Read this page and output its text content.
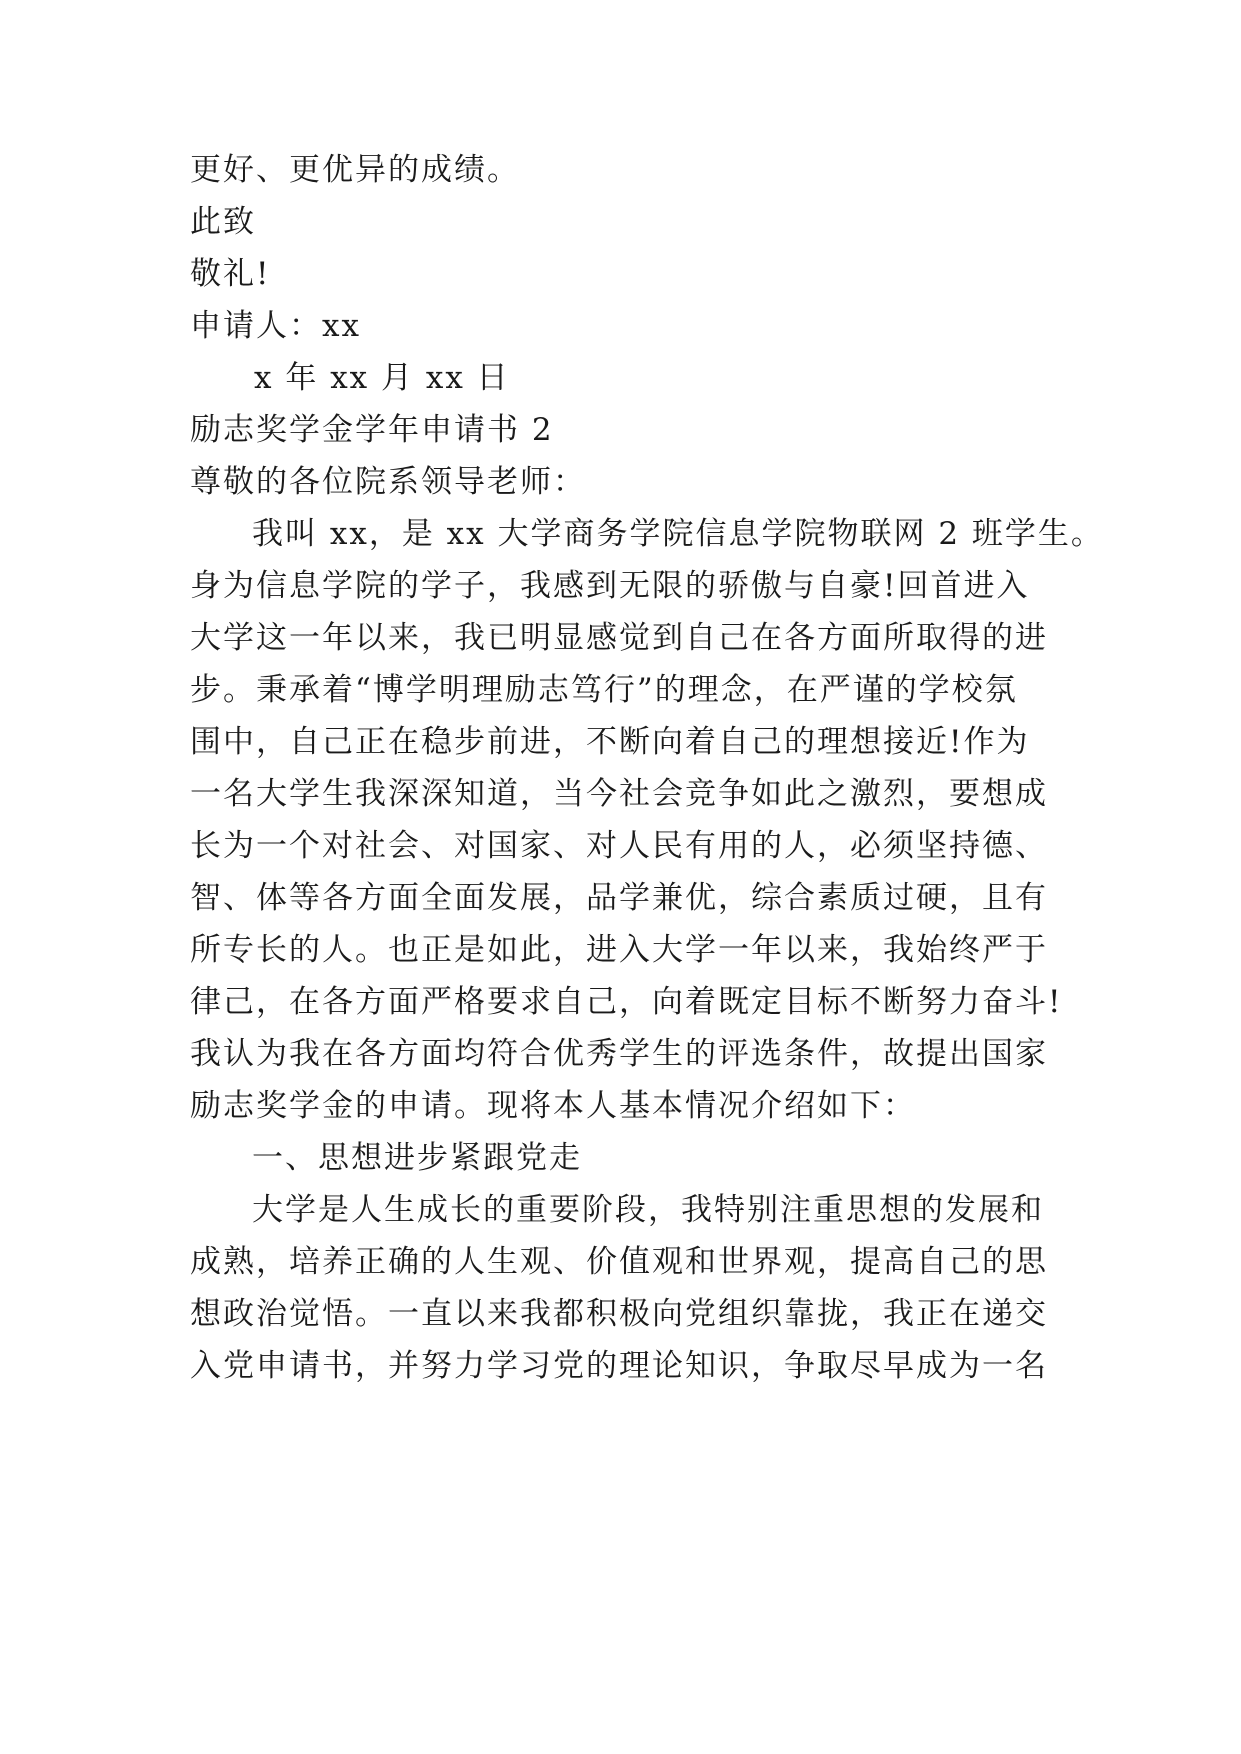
更好、更优异的成绩。
此致
敬礼!
申请人：xx
x 年 xx 月 xx 日
励志奖学金学年申请书 2
尊敬的各位院系领导老师：
我叫 xx，是 xx 大学商务学院信息学院物联网 2 班学生。
身为信息学院的学子，我感到无限的骄傲与自豪!回首进入
大学这一年以来，我已明显感觉到自己在各方面所取得的进
步。秉承着“博学明理励志笃行”的理念，在严谨的学校氛
围中，自己正在稳步前进，不断向着自己的理想接近!作为
一名大学生我深深知道，当今社会竞争如此之激烈，要想成
长为一个对社会、对国家、对人民有用的人，必须坚持德、
智、体等各方面全面发展，品学兼优，综合素质过硬，且有
所专长的人。也正是如此，进入大学一年以来，我始终严于
律己，在各方面严格要求自己，向着既定目标不断努力奋斗!
我认为我在各方面均符合优秀学生的评选条件，故提出国家
励志奖学金的申请。现将本人基本情况介绍如下：
一、思想进步紧跟党走
大学是人生成长的重要阶段，我特别注重思想的发展和
成熟，培养正确的人生观、价值观和世界观，提高自己的思
想政治觉悟。一直以来我都积极向党组织靠拢，我正在递交
入党申请书，并努力学习党的理论知识，争取尽早成为一名
